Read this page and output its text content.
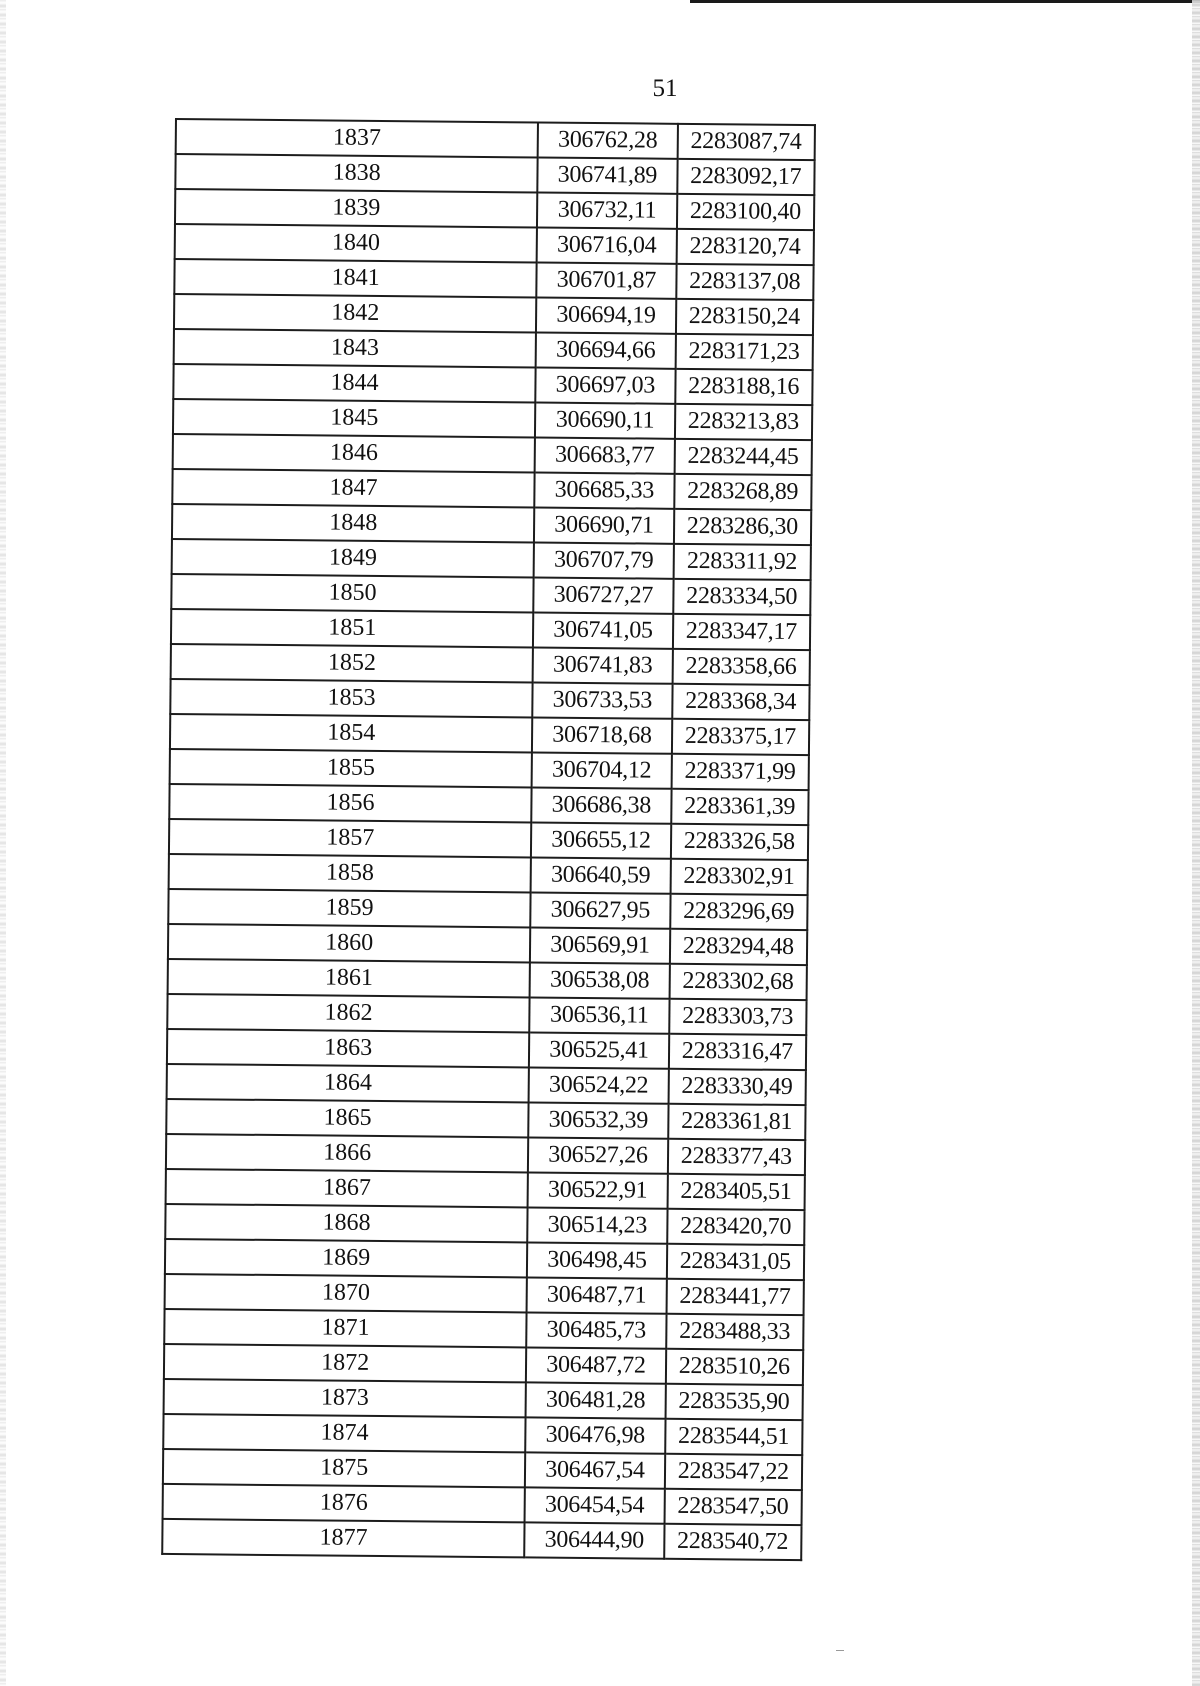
51
1837	306762,28	2283087,74
1838	306741,89	2283092,17
1839	306732,11	2283100,40
1840	306716,04	2283120,74
1841	306701,87	2283137,08
1842	306694,19	2283150,24
1843	306694,66	2283171,23
1844	306697,03	2283188,16
1845	306690,11	2283213,83
1846	306683,77	2283244,45
1847	306685,33	2283268,89
1848	306690,71	2283286,30
1849	306707,79	2283311,92
1850	306727,27	2283334,50
1851	306741,05	2283347,17
1852	306741,83	2283358,66
1853	306733,53	2283368,34
1854	306718,68	2283375,17
1855	306704,12	2283371,99
1856	306686,38	2283361,39
1857	306655,12	2283326,58
1858	306640,59	2283302,91
1859	306627,95	2283296,69
1860	306569,91	2283294,48
1861	306538,08	2283302,68
1862	306536,11	2283303,73
1863	306525,41	2283316,47
1864	306524,22	2283330,49
1865	306532,39	2283361,81
1866	306527,26	2283377,43
1867	306522,91	2283405,51
1868	306514,23	2283420,70
1869	306498,45	2283431,05
1870	306487,71	2283441,77
1871	306485,73	2283488,33
1872	306487,72	2283510,26
1873	306481,28	2283535,90
1874	306476,98	2283544,51
1875	306467,54	2283547,22
1876	306454,54	2283547,50
1877	306444,90	2283540,72
